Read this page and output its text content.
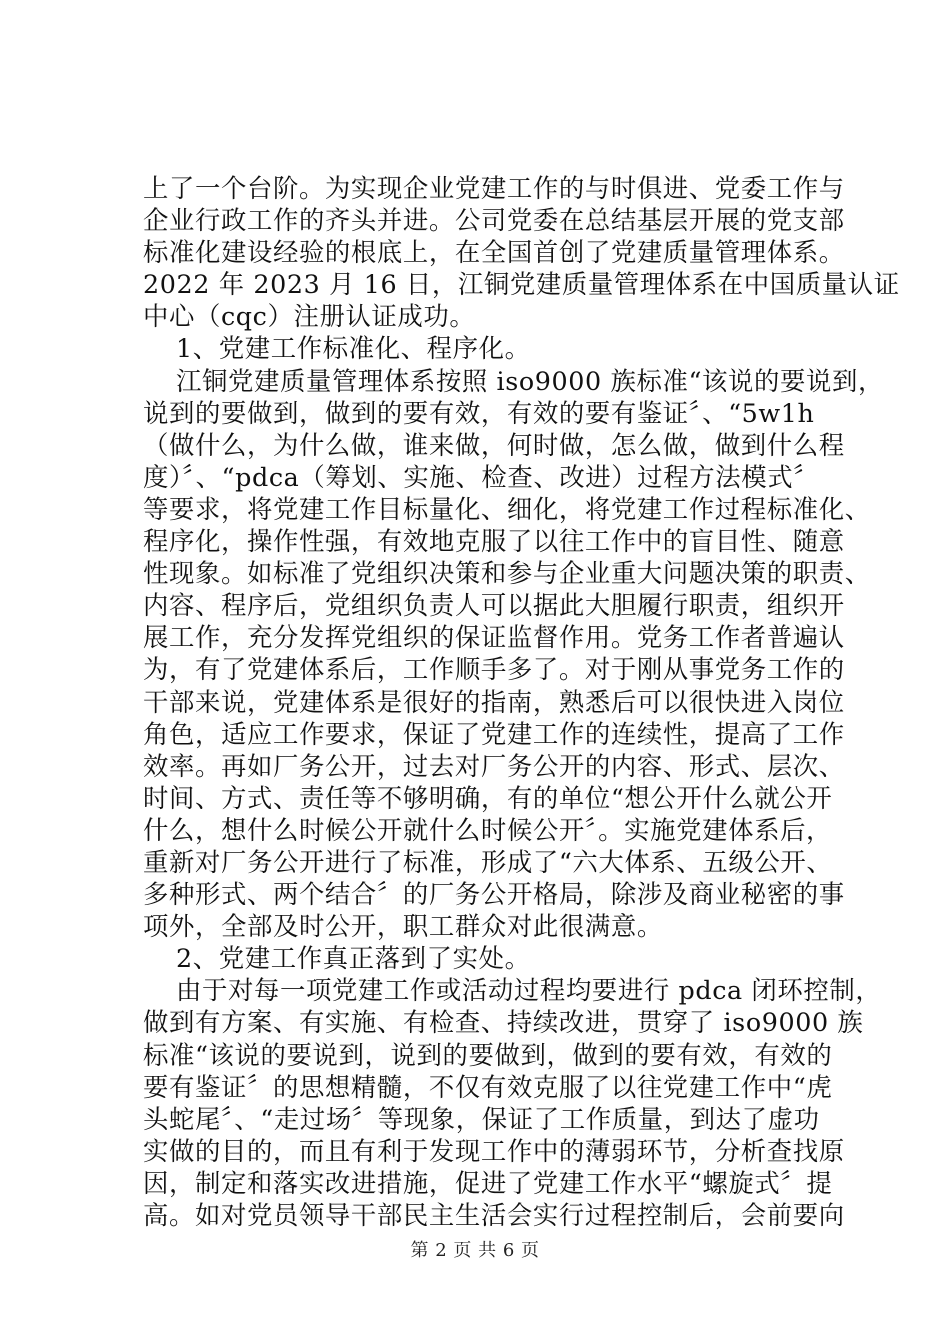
上了一个台阶。为实现企业党建工作的与时俱进、党委工作与
企业行政工作的齐头并进。公司党委在总结基层开展的党支部
标准化建设经验的根底上，在全国首创了党建质量管理体系。
2022 年 2023 月 16 日，江铜党建质量管理体系在中国质量认证
中心（cqc）注册认证成功。
1、党建工作标准化、程序化。
江铜党建质量管理体系按照 iso9000 族标准“该说的要说到，
说到的要做到，做到的要有效，有效的要有鉴证〞、“5w1h
（做什么，为什么做，谁来做，何时做，怎么做，做到什么程
度）〞、“pdca（筹划、实施、检查、改进）过程方法模式〞
等要求，将党建工作目标量化、细化，将党建工作过程标准化、
程序化，操作性强，有效地克服了以往工作中的盲目性、随意
性现象。如标准了党组织决策和参与企业重大问题决策的职责、
内容、程序后，党组织负责人可以据此大胆履行职责，组织开
展工作，充分发挥党组织的保证监督作用。党务工作者普遍认
为，有了党建体系后，工作顺手多了。对于刚从事党务工作的
干部来说，党建体系是很好的指南，熟悉后可以很快进入岗位
角色，适应工作要求，保证了党建工作的连续性，提高了工作
效率。再如厂务公开，过去对厂务公开的内容、形式、层次、
时间、方式、责任等不够明确，有的单位“想公开什么就公开
什么，想什么时候公开就什么时候公开〞。实施党建体系后，
重新对厂务公开进行了标准，形成了“六大体系、五级公开、
多种形式、两个结合〞的厂务公开格局，除涉及商业秘密的事
项外，全部及时公开，职工群众对此很满意。
2、党建工作真正落到了实处。
由于对每一项党建工作或活动过程均要进行 pdca 闭环控制，
做到有方案、有实施、有检查、持续改进，贯穿了 iso9000 族
标准“该说的要说到，说到的要做到，做到的要有效，有效的
要有鉴证〞的思想精髓，不仅有效克服了以往党建工作中“虎
头蛇尾〞、“走过场〞等现象，保证了工作质量，到达了虚功
实做的目的，而且有利于发现工作中的薄弱环节，分析查找原
因，制定和落实改进措施，促进了党建工作水平“螺旋式〞提
高。如对党员领导干部民主生活会实行过程控制后，会前要向
第 2 页 共 6 页
